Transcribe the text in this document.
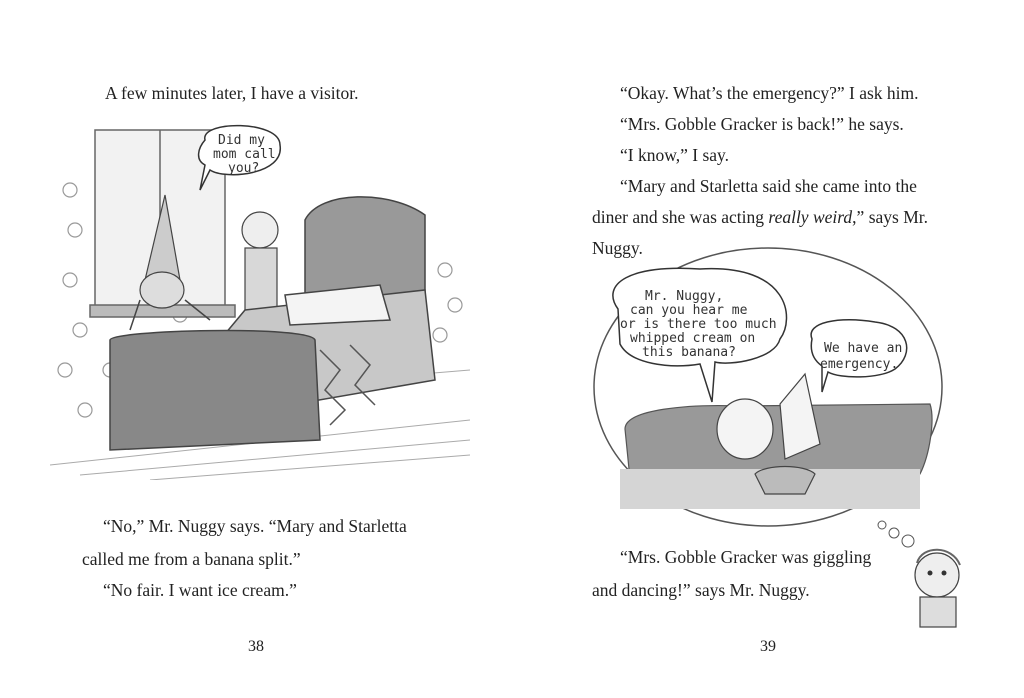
A few minutes later, I have a visitor.
Did my
mom call
you?
“No,” Mr. Nuggy says. “Mary and Starletta
called me from a banana split.”
“No fair. I want ice cream.”
38
“Okay. What’s the emergency?” I ask him.
“Mrs. Gobble Gracker is back!” he says.
“I know,” I say.
“Mary and Starletta said she came into the
diner and she was acting really weird,” says Mr.
Nuggy.
Mr. Nuggy,
can you hear me
or is there too much
whipped cream on
this banana?	We have an
emergency.
“Mrs. Gobble Gracker was giggling
and dancing!” says Mr. Nuggy.
39
